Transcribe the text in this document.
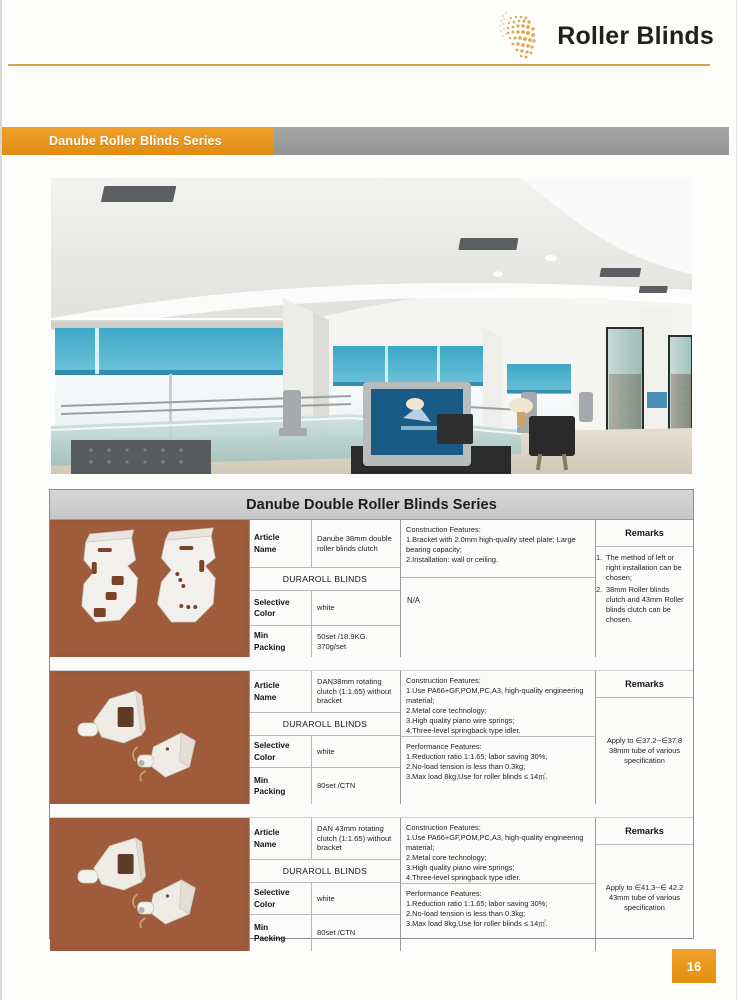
Roller Blinds
Danube Roller Blinds Series
Danube Double Roller Blinds Series
Article
Name
Danube 38mm double roller blinds clutch
DURAROLL BLINDS
Selective
Color
white
Min
Packing
50set /18.9KG. 370g/set
Construction Features:
1.Bracket with 2.0mm high-quality steel plate; Large bearing capacity;
2.Installation: wall or ceiling.
N/A
Remarks
1. The method of left or right installation can be chosen;
2. 38mm Roller blinds clutch and 43mm Roller blinds clutch can be chosen.
Article
Name
DAN38mm rotating clutch (1:1.65) without bracket
DURAROLL BLINDS
Selective
Color
white
Min
Packing
80set /CTN
Construction Features:
1.Use PA66+GF,POM,PC,A3, high-quality engineering material;
2.Metal core technology;
3.High quality piano wire springs;
4.Three-level springback type idler.
Performance Features:
1.Reduction ratio 1:1.65; labor saving 30%;
2.No-load tension is less than 0.3kg;
3.Max load 8kg,Use for roller blinds ≤ 14㎡.
Remarks
Apply to ∈37.2--∈37.8 38mm tube of various specification
Article
Name
DAN 43mm rotating clutch (1:1.65) without bracket
DURAROLL BLINDS
Selective
Color
white
Min
Packing
80set /CTN
Construction Features:
1.Use PA66+GF,POM,PC,A3, high-quality engineering material;
2.Metal core technology;
3.High quality piano wire springs;
4.Three-level springback type idler.
Performance Features:
1.Reduction ratio 1:1.65; labor saving 30%;
2.No-load tension is less than 0.3kg;
3.Max load 8kg,Use for roller blinds ≤ 14㎡.
Remarks
Apply to ∈41.3--∈ 42.2 43mm tube of various specification
16
